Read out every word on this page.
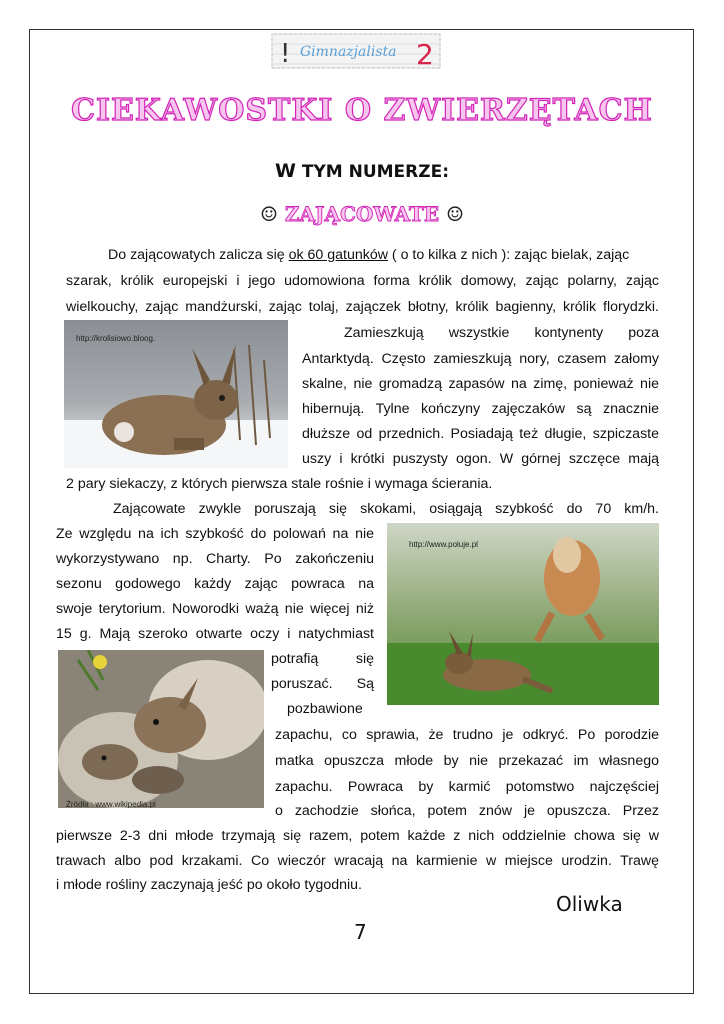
! Gimnazjalista 2
CIEKAWOSTKI O ZWIERZĘTACH
W TYM NUMERZE:
☺ ZAJĄCOWATE ☺
Do zającowatych zalicza się ok 60 gatunków ( o to kilka z nich ): zając bielak, zając
szarak, królik europejski i jego udomowiona forma królik domowy, zając polarny, zając
wielkouchy, zając mandżurski, zając tolaj, zajączek błotny, królik bagienny, królik florydzki.
http://krolisiowo.bloog.	Zamieszkują wszystkie kontynenty poza
Antarktydą. Często zamieszkują nory, czasem załomy
skalne, nie gromadzą zapasów na zimę, ponieważ nie
hibernują. Tylne kończyny zajęczaków są znacznie
dłuższe od przednich. Posiadają też długie, szpiczaste
uszy i krótki puszysty ogon. W górnej szczęce mają
2 pary siekaczy, z których pierwsza stale rośnie i wymaga ścierania.
Zającowate zwykle poruszają się skokami, osiągają szybkość do 70 km/h.
Ze względu na ich szybkość do polowań na nie
wykorzystywano np. Charty. Po zakończeniu
sezonu godowego każdy zając powraca na
swoje terytorium. Noworodki ważą nie więcej niż
15 g. Mają szeroko otwarte oczy i natychmiast
http://www.poluje.pl
Źródła : www.wikipedia.pl
potrafią się
poruszać. Są
pozbawione
zapachu, co sprawia, że trudno je odkryć. Po porodzie
matka opuszcza młode by nie przekazać im własnego
zapachu. Powraca by karmić potomstwo najczęściej
o zachodzie słońca, potem znów je opuszcza. Przez
pierwsze 2-3 dni młode trzymają się razem, potem każde z nich oddzielnie chowa się w
trawach albo pod krzakami. Co wieczór wracają na karmienie w miejsce urodzin. Trawę
i młode rośliny zaczynają jeść po około tygodniu.
Oliwka
7
